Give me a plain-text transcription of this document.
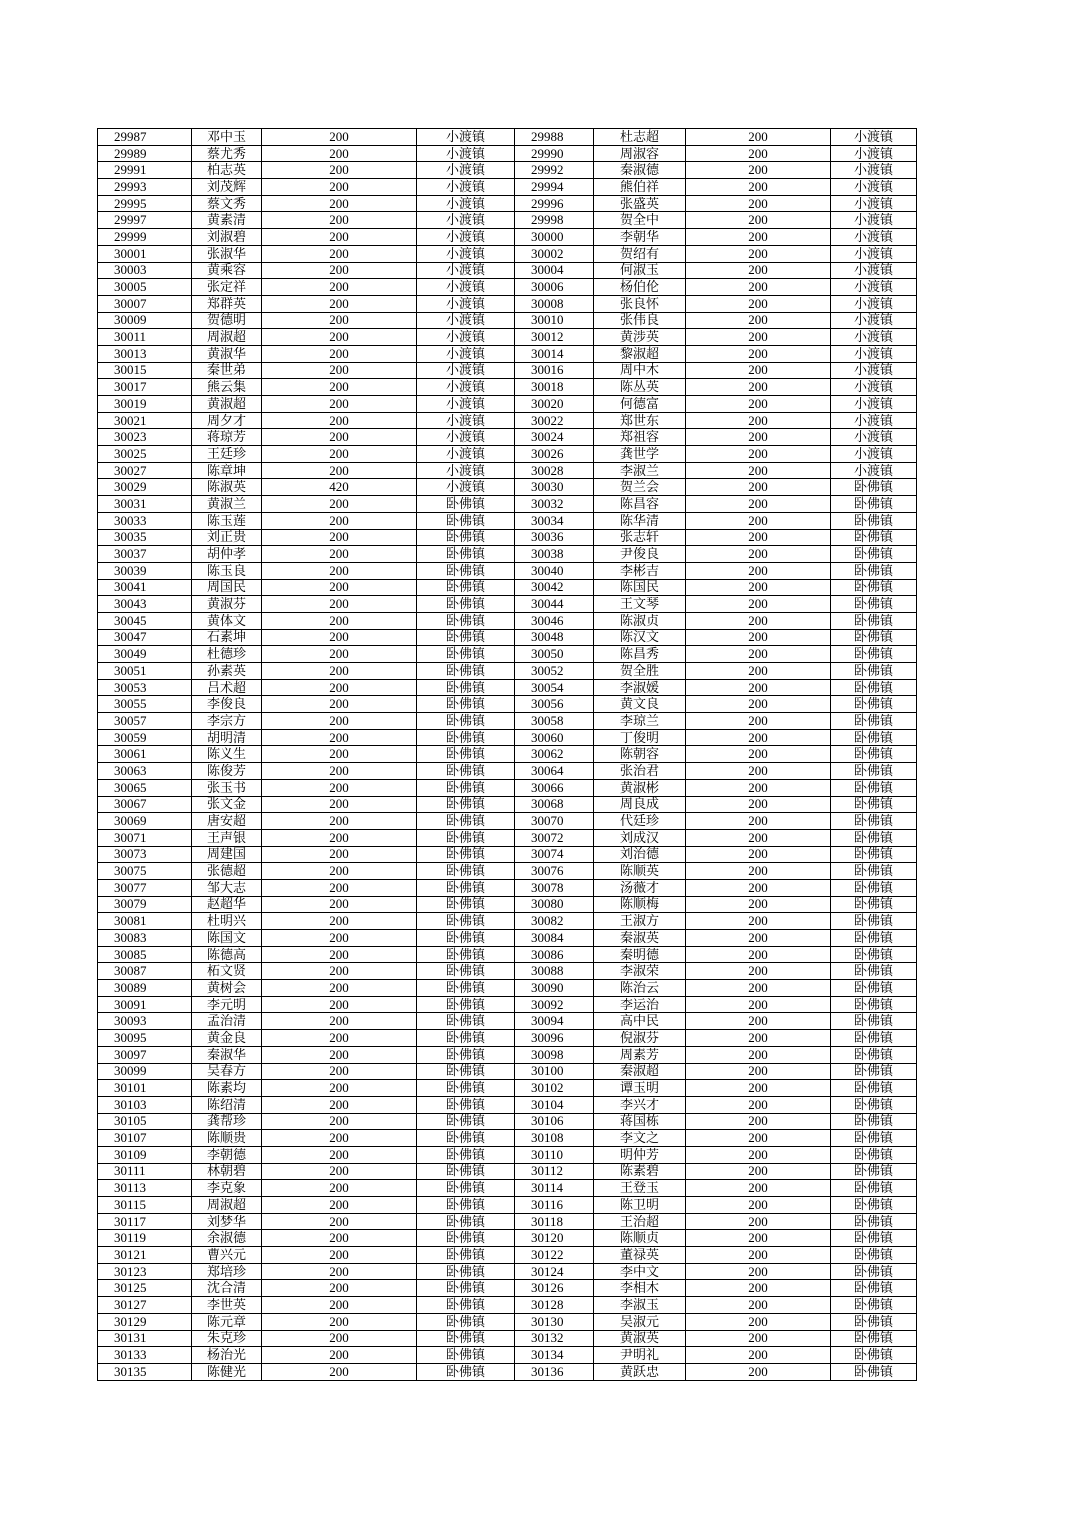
29987	邓中玉	200	小渡镇	29988	杜志超	200	小渡镇
29989	蔡尤秀	200	小渡镇	29990	周淑容	200	小渡镇
29991	柏志英	200	小渡镇	29992	秦淑德	200	小渡镇
29993	刘茂辉	200	小渡镇	29994	熊伯祥	200	小渡镇
29995	蔡文秀	200	小渡镇	29996	张盛英	200	小渡镇
29997	黄素清	200	小渡镇	29998	贺全中	200	小渡镇
29999	刘淑碧	200	小渡镇	30000	李朝华	200	小渡镇
30001	张淑华	200	小渡镇	30002	贺绍有	200	小渡镇
30003	黄乘容	200	小渡镇	30004	何淑玉	200	小渡镇
30005	张定祥	200	小渡镇	30006	杨伯伦	200	小渡镇
30007	郑群英	200	小渡镇	30008	张良怀	200	小渡镇
30009	贺德明	200	小渡镇	30010	张伟良	200	小渡镇
30011	周淑超	200	小渡镇	30012	黄涉英	200	小渡镇
30013	黄淑华	200	小渡镇	30014	黎淑超	200	小渡镇
30015	秦世弟	200	小渡镇	30016	周中木	200	小渡镇
30017	熊云集	200	小渡镇	30018	陈丛英	200	小渡镇
30019	黄淑超	200	小渡镇	30020	何德富	200	小渡镇
30021	周夕才	200	小渡镇	30022	郑世东	200	小渡镇
30023	蒋琼芳	200	小渡镇	30024	郑祖容	200	小渡镇
30025	王廷珍	200	小渡镇	30026	龚世学	200	小渡镇
30027	陈章坤	200	小渡镇	30028	李淑兰	200	小渡镇
30029	陈淑英	420	小渡镇	30030	贺兰会	200	卧佛镇
30031	黄淑兰	200	卧佛镇	30032	陈昌容	200	卧佛镇
30033	陈玉莲	200	卧佛镇	30034	陈华清	200	卧佛镇
30035	刘正贵	200	卧佛镇	30036	张志轩	200	卧佛镇
30037	胡仲孝	200	卧佛镇	30038	尹俊良	200	卧佛镇
30039	陈玉良	200	卧佛镇	30040	李彬吉	200	卧佛镇
30041	周国民	200	卧佛镇	30042	陈国民	200	卧佛镇
30043	黄淑芬	200	卧佛镇	30044	王文琴	200	卧佛镇
30045	黄体文	200	卧佛镇	30046	陈淑贞	200	卧佛镇
30047	石素坤	200	卧佛镇	30048	陈汉文	200	卧佛镇
30049	杜德珍	200	卧佛镇	30050	陈昌秀	200	卧佛镇
30051	孙素英	200	卧佛镇	30052	贺全胜	200	卧佛镇
30053	吕术超	200	卧佛镇	30054	李淑媛	200	卧佛镇
30055	李俊良	200	卧佛镇	30056	黄文良	200	卧佛镇
30057	李宗方	200	卧佛镇	30058	李琼兰	200	卧佛镇
30059	胡明清	200	卧佛镇	30060	丁俊明	200	卧佛镇
30061	陈义生	200	卧佛镇	30062	陈朝容	200	卧佛镇
30063	陈俊芳	200	卧佛镇	30064	张治君	200	卧佛镇
30065	张玉书	200	卧佛镇	30066	黄淑彬	200	卧佛镇
30067	张文金	200	卧佛镇	30068	周良成	200	卧佛镇
30069	唐安超	200	卧佛镇	30070	代廷珍	200	卧佛镇
30071	王声银	200	卧佛镇	30072	刘成汉	200	卧佛镇
30073	周建国	200	卧佛镇	30074	刘治德	200	卧佛镇
30075	张德超	200	卧佛镇	30076	陈顺英	200	卧佛镇
30077	邹大志	200	卧佛镇	30078	汤薇才	200	卧佛镇
30079	赵超华	200	卧佛镇	30080	陈顺梅	200	卧佛镇
30081	杜明兴	200	卧佛镇	30082	王淑方	200	卧佛镇
30083	陈国文	200	卧佛镇	30084	秦淑英	200	卧佛镇
30085	陈德高	200	卧佛镇	30086	秦明德	200	卧佛镇
30087	柘文贤	200	卧佛镇	30088	李淑荣	200	卧佛镇
30089	黄树会	200	卧佛镇	30090	陈治云	200	卧佛镇
30091	李元明	200	卧佛镇	30092	李运治	200	卧佛镇
30093	孟治清	200	卧佛镇	30094	高中民	200	卧佛镇
30095	黄金良	200	卧佛镇	30096	倪淑芬	200	卧佛镇
30097	秦淑华	200	卧佛镇	30098	周素芳	200	卧佛镇
30099	吴春方	200	卧佛镇	30100	秦淑超	200	卧佛镇
30101	陈素均	200	卧佛镇	30102	谭玉明	200	卧佛镇
30103	陈绍清	200	卧佛镇	30104	李兴才	200	卧佛镇
30105	龚帮珍	200	卧佛镇	30106	蒋国栋	200	卧佛镇
30107	陈顺贵	200	卧佛镇	30108	李文之	200	卧佛镇
30109	李朝德	200	卧佛镇	30110	明仲芳	200	卧佛镇
30111	林朝碧	200	卧佛镇	30112	陈素碧	200	卧佛镇
30113	李克象	200	卧佛镇	30114	王登玉	200	卧佛镇
30115	周淑超	200	卧佛镇	30116	陈卫明	200	卧佛镇
30117	刘梦华	200	卧佛镇	30118	王治超	200	卧佛镇
30119	余淑德	200	卧佛镇	30120	陈顺贞	200	卧佛镇
30121	曹兴元	200	卧佛镇	30122	董禄英	200	卧佛镇
30123	郑培珍	200	卧佛镇	30124	李中文	200	卧佛镇
30125	沈合清	200	卧佛镇	30126	李相木	200	卧佛镇
30127	李世英	200	卧佛镇	30128	李淑玉	200	卧佛镇
30129	陈元章	200	卧佛镇	30130	吴淑元	200	卧佛镇
30131	朱克珍	200	卧佛镇	30132	黄淑英	200	卧佛镇
30133	杨治光	200	卧佛镇	30134	尹明礼	200	卧佛镇
30135	陈健光	200	卧佛镇	30136	黄跃忠	200	卧佛镇
